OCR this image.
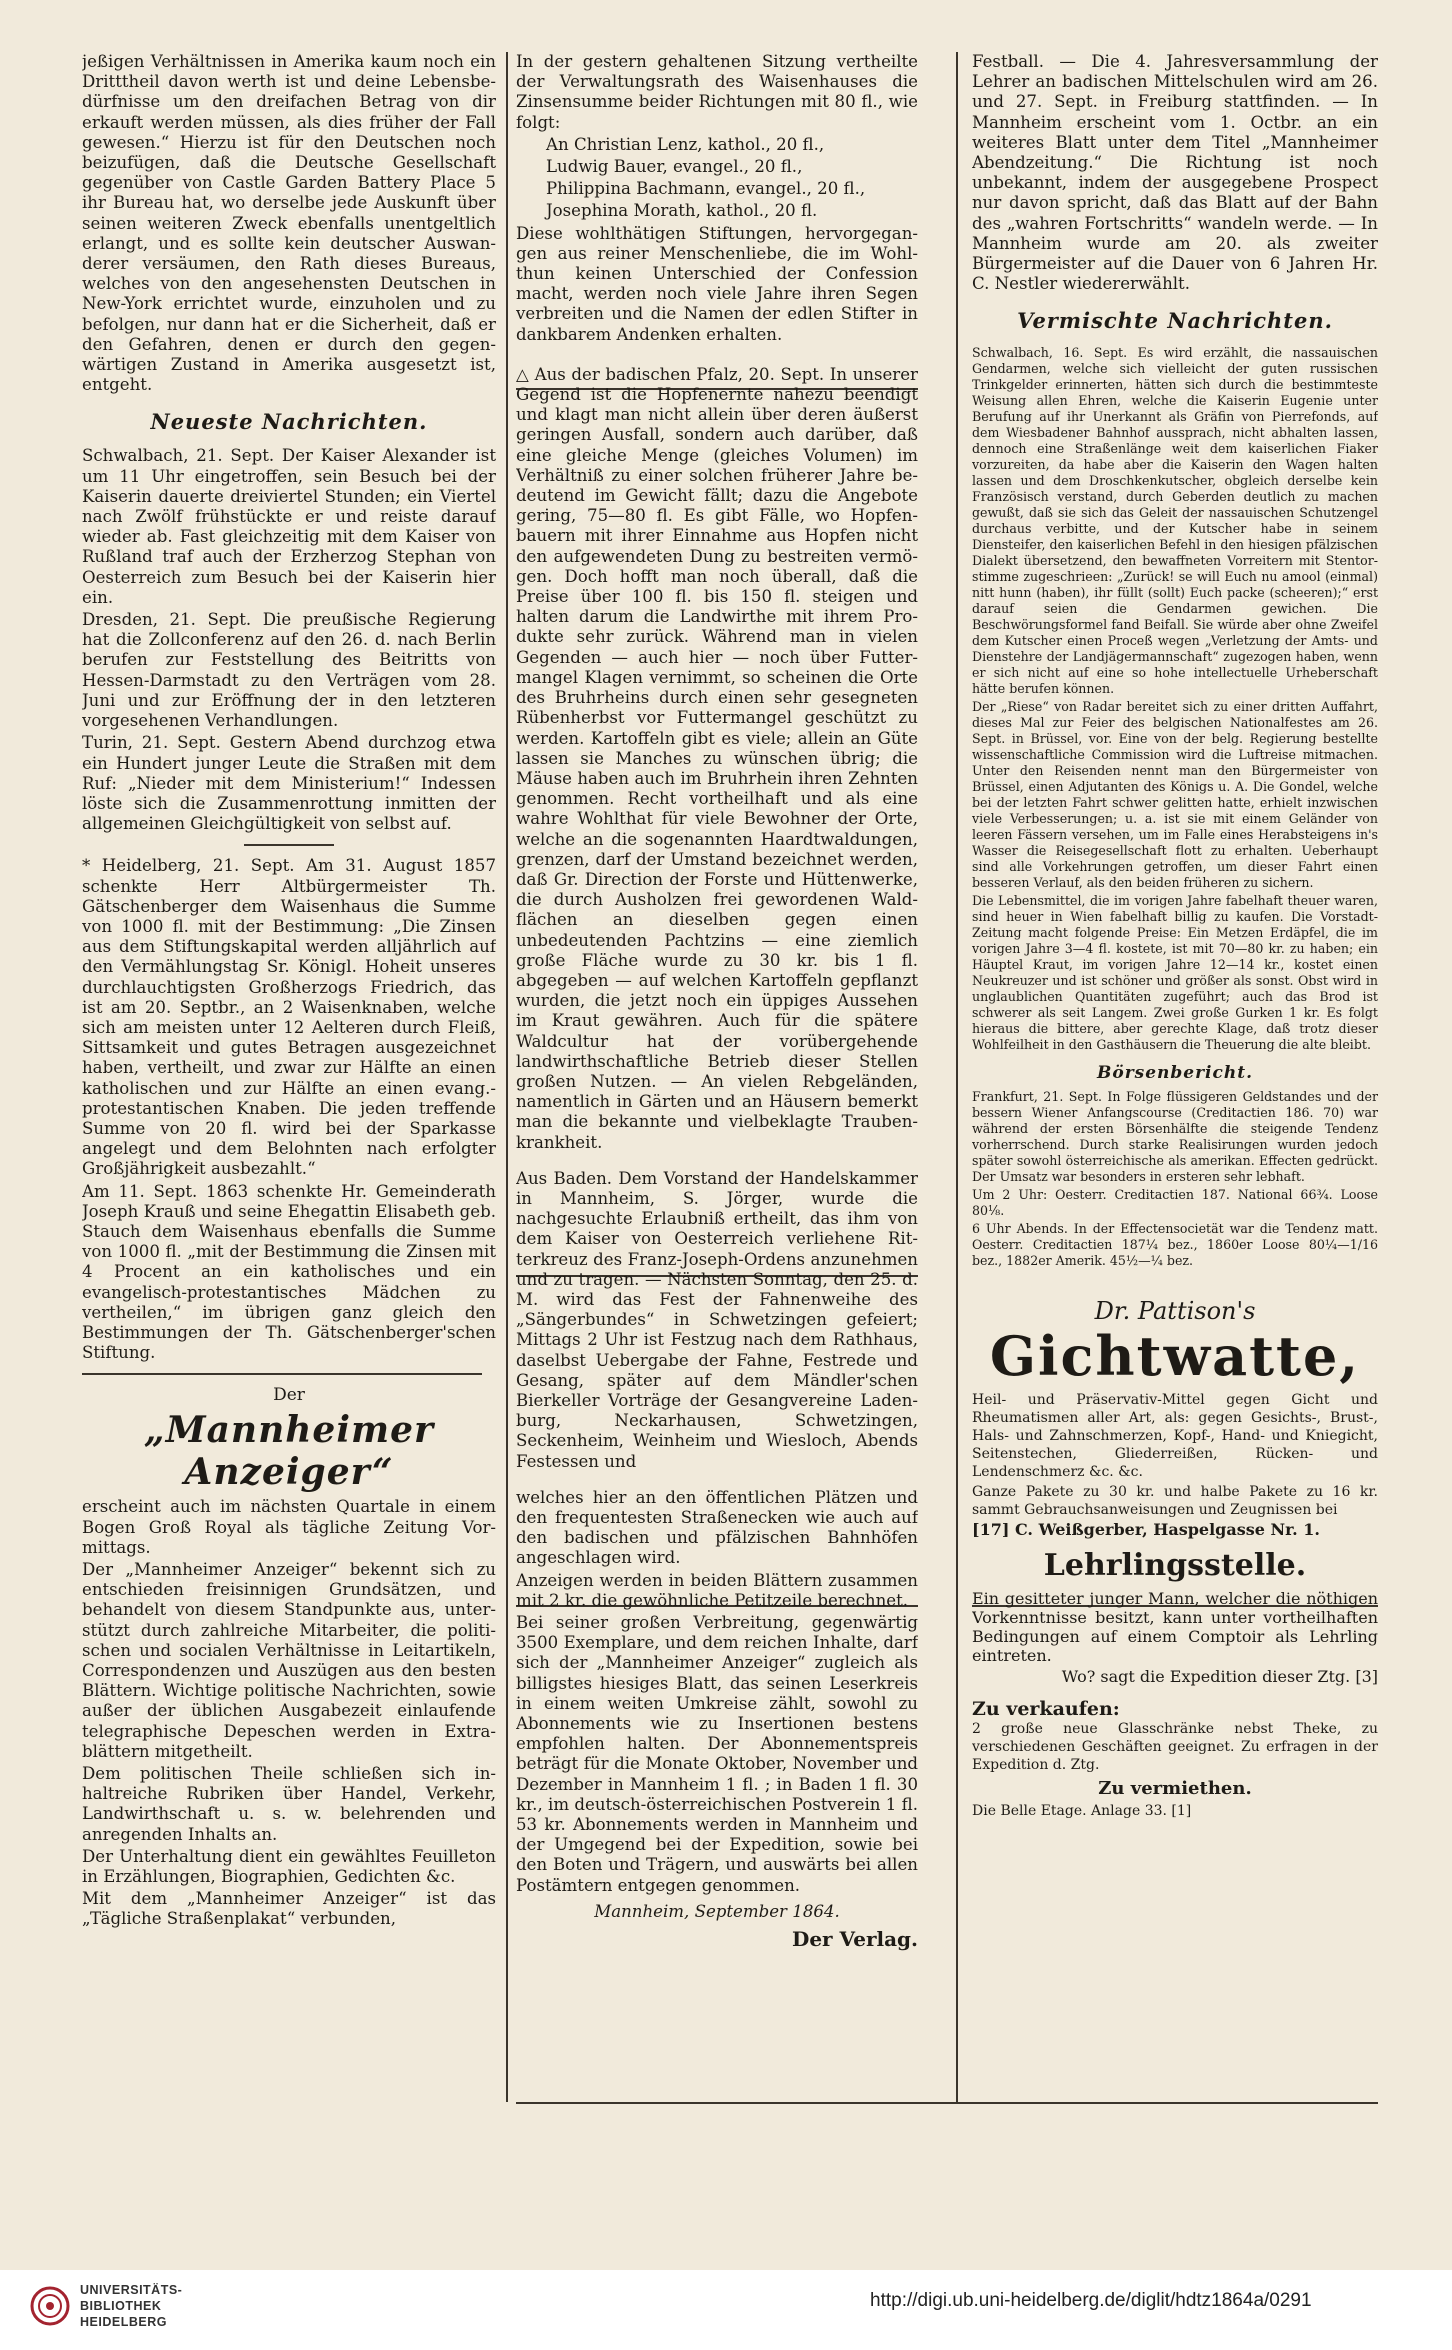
jeßigen Verhältnissen in Amerika kaum noch ein Dritttheil davon werth ist und deine Lebensbedürfnisse um den dreifachen Betrag von dir erkauft werden müssen, als dies früher der Fall gewesen.“ Hierzu ist für den Deutschen noch beizufügen, daß die Deutsche Gesellschaft gegenüber von Castle Garden Battery Place 5 ihr Bureau hat, wo derselbe jede Auskunft über seinen weiteren Zweck ebenfalls unentgeltlich erlangt, und es sollte kein deutscher Auswanderer versäumen, den Rath dieses Bureaus, welches von den angesehensten Deutschen in New-York errichtet wurde, einzuholen und zu befolgen, nur dann hat er die Sicherheit, daß er den Gefahren, denen er durch den gegenwärtigen Zustand in Amerika ausgesetzt ist, entgeht.

Neueste Nachrichten.

Schwalbach, 21. Sept. Der Kaiser Alexander ist um 11 Uhr eingetroffen, sein Besuch bei der Kaiserin dauerte dreiviertel Stunden; ein Viertel nach Zwölf frühstückte er und reiste darauf wieder ab. Fast gleichzeitig mit dem Kaiser von Rußland traf auch der Erzherzog Stephan von Oesterreich zum Besuch bei der Kaiserin hier ein.

Dresden, 21. Sept. Die preußische Regierung hat die Zollconferenz auf den 26. d. nach Berlin berufen zur Feststellung des Beitritts von Hessen-Darmstadt zu den Verträgen vom 28. Juni und zur Eröffnung der in den letzteren vorgesehenen Verhandlungen.

Turin, 21. Sept. Gestern Abend durchzog etwa ein Hundert junger Leute die Straßen mit dem Ruf: „Nieder mit dem Ministerium!“ Indessen löste sich die Zusammenrottung inmitten der allgemeinen Gleichgültigkeit von selbst auf.

* Heidelberg, 21. Sept. Am 31. August 1857 schenkte Herr Altbürgermeister Th. Gätschenberger dem Waisenhaus die Summe von 1000 fl. mit der Bestimmung: „Die Zinsen aus dem Stiftungskapital werden alljährlich auf den Vermählungstag Sr. Königl. Hoheit unseres durchlauchtigsten Großherzogs Friedrich, das ist am 20. Septbr., an 2 Waisenknaben, welche sich am meisten unter 12 Aelteren durch Fleiß, Sittsamkeit und gutes Betragen ausgezeichnet haben, vertheilt, und zwar zur Hälfte an einen katholischen und zur Hälfte an einen evang.-protestantischen Knaben. Die jeden treffende Summe von 20 fl. wird bei der Sparkasse angelegt und dem Belohnten nach erfolgter Großjährigkeit ausbezahlt.“

Am 11. Sept. 1863 schenkte Hr. Gemeinderath Joseph Krauß und seine Ehegattin Elisabeth geb. Stauch dem Waisenhaus ebenfalls die Summe von 1000 fl. „mit der Bestimmung die Zinsen mit 4 Procent an ein katholisches und ein evangelisch-protestantisches Mädchen zu vertheilen,“ im übrigen ganz gleich den Bestimmungen der Th. Gätschenberger'schen Stiftung.

Der

„Mannheimer Anzeiger“

erscheint auch im nächsten Quartale in einem Bogen Groß Royal als tägliche Zeitung Vormittags.

Der „Mannheimer Anzeiger“ bekennt sich zu entschieden freisinnigen Grundsätzen, und behandelt von diesem Standpunkte aus, unterstützt durch zahlreiche Mitarbeiter, die politischen und socialen Verhältnisse in Leitartikeln, Correspondenzen und Auszügen aus den besten Blättern. Wichtige politische Nachrichten, sowie außer der üblichen Ausgabezeit einlaufende telegraphische Depeschen werden in Extrablättern mitgetheilt.

Dem politischen Theile schließen sich inhaltreiche Rubriken über Handel, Verkehr, Landwirthschaft u. s. w. belehrenden und anregenden Inhalts an.

Der Unterhaltung dient ein gewähltes Feuilleton in Erzählungen, Biographien, Gedichten &c.

Mit dem „Mannheimer Anzeiger“ ist das „Tägliche Straßenplakat“ verbunden,

In der gestern gehaltenen Sitzung vertheilte der Verwaltungsrath des Waisenhauses die Zinsensumme beider Richtungen mit 80 fl., wie folgt:

An Christian Lenz, kathol., 20 fl.,

Ludwig Bauer, evangel., 20 fl.,

Philippina Bachmann, evangel., 20 fl.,

Josephina Morath, kathol., 20 fl.

Diese wohlthätigen Stiftungen, hervorgegangen aus reiner Menschenliebe, die im Wohlthun keinen Unterschied der Confession macht, werden noch viele Jahre ihren Segen verbreiten und die Namen der edlen Stifter in dankbarem Andenken erhalten.

△ Aus der badischen Pfalz, 20. Sept. In unserer Gegend ist die Hopfenernte nahezu beendigt und klagt man nicht allein über deren äußerst geringen Ausfall, sondern auch darüber, daß eine gleiche Menge (gleiches Volumen) im Verhältniß zu einer solchen früherer Jahre bedeutend im Gewicht fällt; dazu die Angebote gering, 75—80 fl. Es gibt Fälle, wo Hopfenbauern mit ihrer Einnahme aus Hopfen nicht den aufgewendeten Dung zu bestreiten vermögen. Doch hofft man noch überall, daß die Preise über 100 fl. bis 150 fl. steigen und halten darum die Landwirthe mit ihrem Produkte sehr zurück. Während man in vielen Gegenden — auch hier — noch über Futtermangel Klagen vernimmt, so scheinen die Orte des Bruhrheins durch einen sehr gesegneten Rübenherbst vor Futtermangel geschützt zu werden. Kartoffeln gibt es viele; allein an Güte lassen sie Manches zu wünschen übrig; die Mäuse haben auch im Bruhrhein ihren Zehnten genommen. Recht vortheilhaft und als eine wahre Wohlthat für viele Bewohner der Orte, welche an die sogenannten Haardtwaldungen, grenzen, darf der Umstand bezeichnet werden, daß Gr. Direction der Forste und Hüttenwerke, die durch Ausholzen frei gewordenen Waldflächen an dieselben gegen einen unbedeutenden Pachtzins — eine ziemlich große Fläche wurde zu 30 kr. bis 1 fl. abgegeben — auf welchen Kartoffeln gepflanzt wurden, die jetzt noch ein üppiges Aussehen im Kraut gewähren. Auch für die spätere Waldcultur hat der vorübergehende landwirthschaftliche Betrieb dieser Stellen großen Nutzen. — An vielen Rebgeländen, namentlich in Gärten und an Häusern bemerkt man die bekannte und vielbeklagte Traubenkrankheit.

Aus Baden. Dem Vorstand der Handelskammer in Mannheim, S. Jörger, wurde die nachgesuchte Erlaubniß ertheilt, das ihm von dem Kaiser von Oesterreich verliehene Ritterkreuz des Franz-Joseph-Ordens anzunehmen und zu tragen. — Nächsten Sonntag, den 25. d. M. wird das Fest der Fahnenweihe des „Sängerbundes“ in Schwetzingen gefeiert; Mittags 2 Uhr ist Festzug nach dem Rathhaus, daselbst Uebergabe der Fahne, Festrede und Gesang, später auf dem Mändler'schen Bierkeller Vorträge der Gesangvereine Ladenburg, Neckarhausen, Schwetzingen, Seckenheim, Weinheim und Wiesloch, Abends Festessen und

welches hier an den öffentlichen Plätzen und den frequentesten Straßenecken wie auch auf den badischen und pfälzischen Bahnhöfen angeschlagen wird.

Anzeigen werden in beiden Blättern zusammen mit 2 kr. die gewöhnliche Petitzeile berechnet.

Bei seiner großen Verbreitung, gegenwärtig 3500 Exemplare, und dem reichen Inhalte, darf sich der „Mannheimer Anzeiger“ zugleich als billigstes hiesiges Blatt, das seinen Leserkreis in einem weiten Umkreise zählt, sowohl zu Abonnements wie zu Insertionen bestens empfohlen halten. Der Abonnementspreis beträgt für die Monate Oktober, November und Dezember in Mannheim 1 fl. ; in Baden 1 fl. 30 kr., im deutsch-österreichischen Postverein 1 fl. 53 kr. Abonnements werden in Mannheim und der Umgegend bei der Expedition, sowie bei den Boten und Trägern, und auswärts bei allen Postämtern entgegen genommen.

Mannheim, September 1864.

Der Verlag.

Festball. — Die 4. Jahresversammlung der Lehrer an badischen Mittelschulen wird am 26. und 27. Sept. in Freiburg stattfinden. — In Mannheim erscheint vom 1. Octbr. an ein weiteres Blatt unter dem Titel „Mannheimer Abendzeitung.“ Die Richtung ist noch unbekannt, indem der ausgegebene Prospect nur davon spricht, daß das Blatt auf der Bahn des „wahren Fortschritts“ wandeln werde. — In Mannheim wurde am 20. als zweiter Bürgermeister auf die Dauer von 6 Jahren Hr. C. Nestler wiedererwählt.

Vermischte Nachrichten.

Schwalbach, 16. Sept. Es wird erzählt, die nassauischen Gendarmen, welche sich vielleicht der guten russischen Trinkgelder erinnerten, hätten sich durch die bestimmteste Weisung allen Ehren, welche die Kaiserin Eugenie unter Berufung auf ihr Unerkannt als Gräfin von Pierrefonds, auf dem Wiesbadener Bahnhof aussprach, nicht abhalten lassen, dennoch eine Straßenlänge weit dem kaiserlichen Fiaker vorzureiten, da habe aber die Kaiserin den Wagen halten lassen und dem Droschkenkutscher, obgleich derselbe kein Französisch verstand, durch Geberden deutlich zu machen gewußt, daß sie sich das Geleit der nassauischen Schutzengel durchaus verbitte, und der Kutscher habe in seinem Diensteifer, den kaiserlichen Befehl in den hiesigen pfälzischen Dialekt übersetzend, den bewaffneten Vorreitern mit Stentorstimme zugeschrieen: „Zurück! se will Euch nu amool (einmal) nitt hunn (haben), ihr füllt (sollt) Euch packe (scheeren);“ erst darauf seien die Gendarmen gewichen. Die Beschwörungsformel fand Beifall. Sie würde aber ohne Zweifel dem Kutscher einen Proceß wegen „Verletzung der Amts- und Dienstehre der Landjägermannschaft“ zugezogen haben, wenn er sich nicht auf eine so hohe intellectuelle Urheberschaft hätte berufen können.

Der „Riese“ von Radar bereitet sich zu einer dritten Auffahrt, dieses Mal zur Feier des belgischen Nationalfestes am 26. Sept. in Brüssel, vor. Eine von der belg. Regierung bestellte wissenschaftliche Commission wird die Luftreise mitmachen. Unter den Reisenden nennt man den Bürgermeister von Brüssel, einen Adjutanten des Königs u. A. Die Gondel, welche bei der letzten Fahrt schwer gelitten hatte, erhielt inzwischen viele Verbesserungen; u. a. ist sie mit einem Geländer von leeren Fässern versehen, um im Falle eines Herabsteigens in's Wasser die Reisegesellschaft flott zu erhalten. Ueberhaupt sind alle Vorkehrungen getroffen, um dieser Fahrt einen besseren Verlauf, als den beiden früheren zu sichern.

Die Lebensmittel, die im vorigen Jahre fabelhaft theuer waren, sind heuer in Wien fabelhaft billig zu kaufen. Die Vorstadt-Zeitung macht folgende Preise: Ein Metzen Erdäpfel, die im vorigen Jahre 3—4 fl. kostete, ist mit 70—80 kr. zu haben; ein Häuptel Kraut, im vorigen Jahre 12—14 kr., kostet einen Neukreuzer und ist schöner und größer als sonst. Obst wird in unglaublichen Quantitäten zugeführt; auch das Brod ist schwerer als seit Langem. Zwei große Gurken 1 kr. Es folgt hieraus die bittere, aber gerechte Klage, daß trotz dieser Wohlfeilheit in den Gasthäusern die Theuerung die alte bleibt.

Börsenbericht.

Frankfurt, 21. Sept. In Folge flüssigeren Geldstandes und der bessern Wiener Anfangscourse (Creditactien 186. 70) war während der ersten Börsenhälfte die steigende Tendenz vorherrschend. Durch starke Realisirungen wurden jedoch später sowohl österreichische als amerikan. Effecten gedrückt. Der Umsatz war besonders in ersteren sehr lebhaft.

Um 2 Uhr: Oesterr. Creditactien 187. National 66¾. Loose 80⅛.

6 Uhr Abends. In der Effectensocietät war die Tendenz matt. Oesterr. Creditactien 187¼ bez., 1860er Loose 80¼—1/16 bez., 1882er Amerik. 45½—¼ bez.

Dr. Pattison's

Gichtwatte,

Heil- und Präservativ-Mittel gegen Gicht und Rheumatismen aller Art, als: gegen Gesichts-, Brust-, Hals- und Zahnschmerzen, Kopf-, Hand- und Kniegicht, Seitenstechen, Gliederreißen, Rücken- und Lendenschmerz &c. &c.

Ganze Pakete zu 30 kr. und halbe Pakete zu 16 kr. sammt Gebrauchsanweisungen und Zeugnissen bei

[17] C. Weißgerber, Haspelgasse Nr. 1.

Lehrlingsstelle.

Ein gesitteter junger Mann, welcher die nöthigen Vorkenntnisse besitzt, kann unter vortheilhaften Bedingungen auf einem Comptoir als Lehrling eintreten.

Wo? sagt die Expedition dieser Ztg. [3]

Zu verkaufen:

2 große neue Glasschränke nebst Theke, zu verschiedenen Geschäften geeignet. Zu erfragen in der Expedition d. Ztg.

Zu vermiethen.

Die Belle Etage. Anlage 33. [1]

UNIVERSITÄTS-
BIBLIOTHEK
HEIDELBERG
http://digi.ub.uni-heidelberg.de/diglit/hdtz1864a/0291
